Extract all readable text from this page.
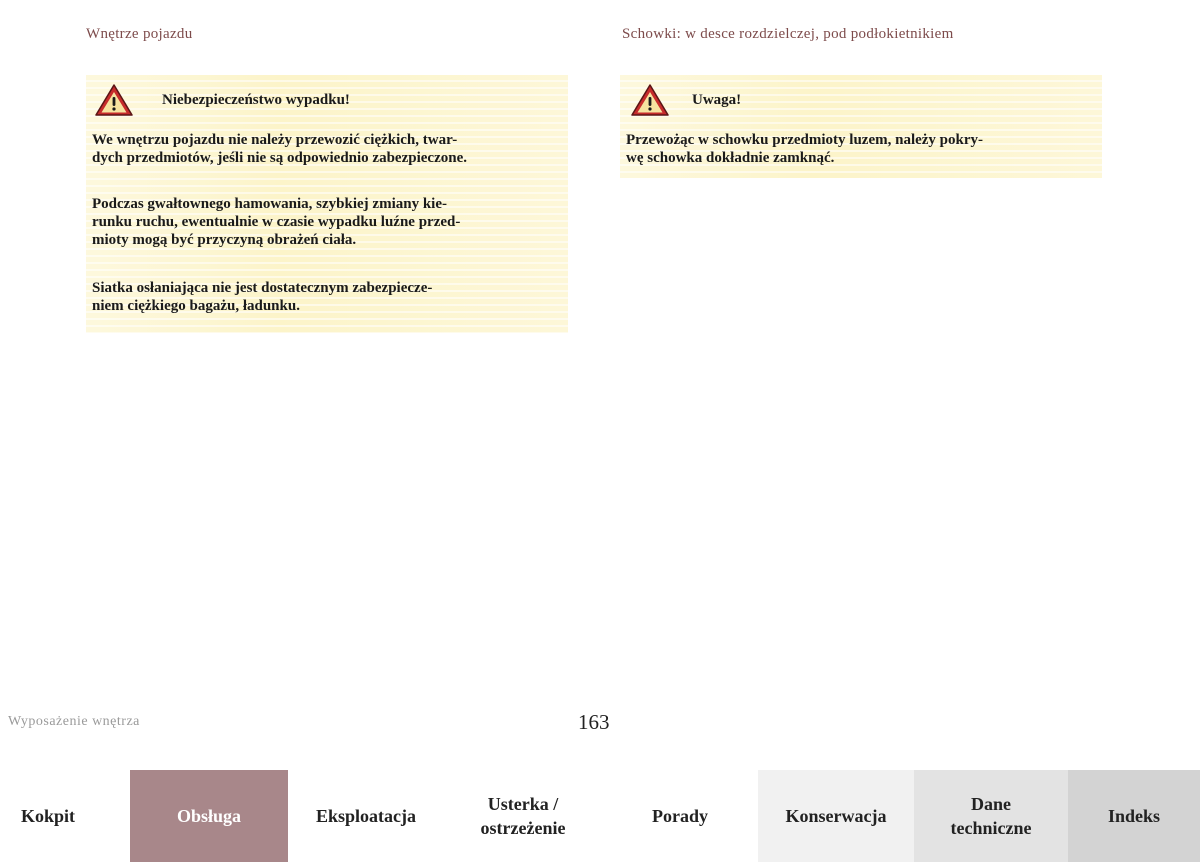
Wnętrze pojazdu	Schowki: w desce rozdzielczej, pod podłokietnikiem
Niebezpieczeństwo wypadku!
We wnętrzu pojazdu nie należy przewozić ciężkich, twar-
dych przedmiotów, jeśli nie są odpowiednio zabezpieczone.
Podczas gwałtownego hamowania, szybkiej zmiany kie-
runku ruchu, ewentualnie w czasie wypadku luźne przed-
mioty mogą być przyczyną obrażeń ciała.
Siatka osłaniająca nie jest dostatecznym zabezpiecze-
niem ciężkiego bagażu, ładunku.
Uwaga!
Przewożąc w schowku przedmioty luzem, należy pokry-
wę schowka dokładnie zamknąć.
Wyposażenie wnętrza	163
Kokpit	Obsługa	Eksploatacja
Usterka /
ostrzeżenie
Porady	Konserwacja
Dane
techniczne
Indeks
